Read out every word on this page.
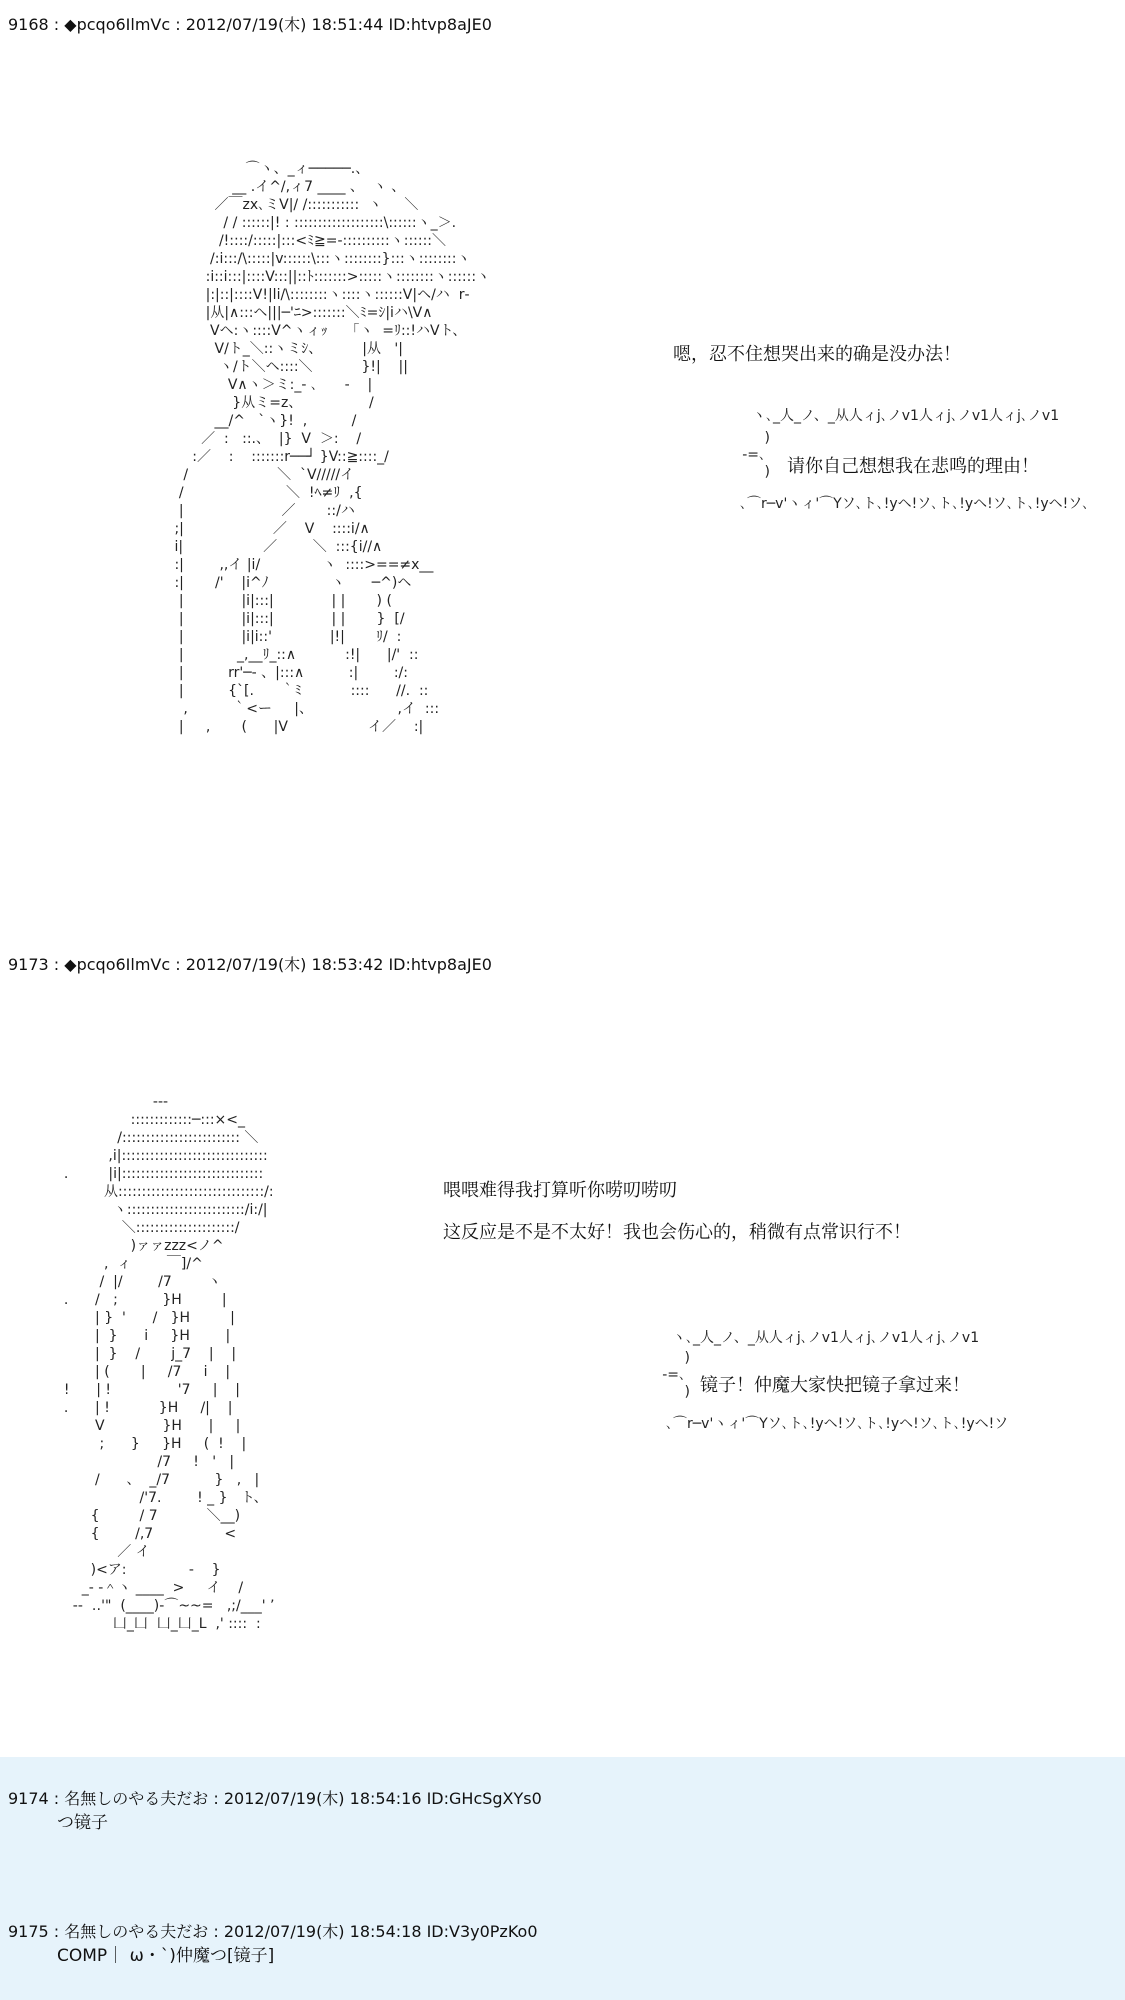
9168 : ◆pcqo6IlmVc : 2012/07/19(木) 18:51:44 ID:htvp8aJE0
⌒ヽ、_ィ─────.、
__ .イ^/,ィ7 ____ 、  ヽ 、
／￣zx､ミV|/ /:::::::::::  ヽ     ＼
/ / ::::::|! : :::::::::::::::::::\::::::ヽ_＞.
/!::::/:::::|:::<ﾐ≧=-::::::::::ヽ::::::＼
/:i:::/\:::::|v::::::\:::ヽ::::::::}:::ヽ::::::::ヽ
:i::i:::|::::V:::||::ﾄ:::::::>:::::ヽ::::::::ヽ::::::ヽ
|:|::|::::V!|li/\::::::::ヽ::::ヽ::::::V|ヘ/ハ  r‐
|从|∧:::ヘ|||─'ﾆ>:::::::＼ﾐ=ｼ|iハ\V∧
Vヘ:ヽ::::V^ヽィｯ    「ヽ  =ﾘ::!ハVト、
V/ト_＼::ヽミｼ、         |从   '|
ヽ/ト＼ヘ::::＼           }!|    ||
V∧ヽ＞ミ:_‐ ､      -    |
}从ミ=z、               /
__/^   `ヽ}!  ,          /
／  :   ::.、  |}  V  ＞:    /
:／    :    :::::::r──┘ }V::≧::::_/
/                    ＼  `V/////イ
/                       ＼  !ﾍ≠ﾘ  ,{
|                      ／       ::/ハ
;|                    ／    V    ::::i/∧
i|                  ／        ＼  :::{i//∧
:|        ,,イ |i/              ヽ  ::::>==≠x__
:|       /'    |i^ﾉ              ヽ      ─^)ヘ
|             |i|:::|             | |       ) (
|             |i|:::|             | |       }  [/
|             |i|i::'             |!|       ﾘ/  :
|            _,__ﾘ_::∧           :!|      |/'  ::
|          rr'─- 、|:::∧          :|        :/:
|          {`[.      ｀ﾐ           ::::      //.  ::
,          ｀<ー     |、                   ,イ  :::
|     ,       (      |V                  イ／    :|

嗯，忍不住想哭出来的确是没办法！
ヽ､_人_ノ、_从人ィj､ノv1人ィj､ノv1人ィj､ノv1
)
-=､
) 请你自己想想我在悲鸣的理由！
､⌒r─v'ヽィ'⌒Yソ､ト､!yヘ!ソ､ト､!yヘ!ソ､ト､!yヘ!ソ､
9173 : ◆pcqo6IlmVc : 2012/07/19(木) 18:53:42 ID:htvp8aJE0
---
:::::::::::::─:::×<_
/::::::::::::::::::::::::: ＼
,i|:::::::::::::::::::::::::::::::
.         |i|::::::::::::::::::::::::::::::
从:::::::::::::::::::::::::::::::/:
ヽ:::::::::::::::::::::::::/i:/|
＼:::::::::::::::::::::/
)ァァzzz<ノ^
,  ィ        ￣]/^
/  |/        /7        ヽ
.      /   ;          }H         |
| }  '      /   }H         |
|  }      i     }H        |
|  }    /       j_7    |    |
| (       |     /7     i    |
!      | !               '7     |    |
.      | !           }H     /|    |
V             }H      |     |
;      }     }H     (  !    |
/7     !   '   |
/      、  _/7          }   ,   |
/'7.        ! _ }   ト、
{         / 7           ＼__)
{        /,7                <
／ イ
)<ア:              -    }
_- -＾ヽ ____  >     イ    /
--  ‥'"  (____)-⌒~~=   ,;/___' ’
凵_凵  凵_凵_L  ,' ::::  :

喂喂难得我打算听你唠叨唠叨
这反应是不是不太好！我也会伤心的，稍微有点常识行不！
ヽ､_人_ノ、_从人ィj､ノv1人ィj､ノv1人ィj､ノv1
)
-=､
) 镜子！仲魔大家快把镜子拿过来！
､⌒r─v'ヽィ'⌒Yソ､ト､!yヘ!ソ､ト､!yヘ!ソ､ト､!yヘ!ソ
9174 : 名無しのやる夫だお : 2012/07/19(木) 18:54:16 ID:GHcSgXYs0
つ镜子
9175 : 名無しのやる夫だお : 2012/07/19(木) 18:54:18 ID:V3y0PzKo0
COMP｜ ω・`)仲魔つ[镜子]
